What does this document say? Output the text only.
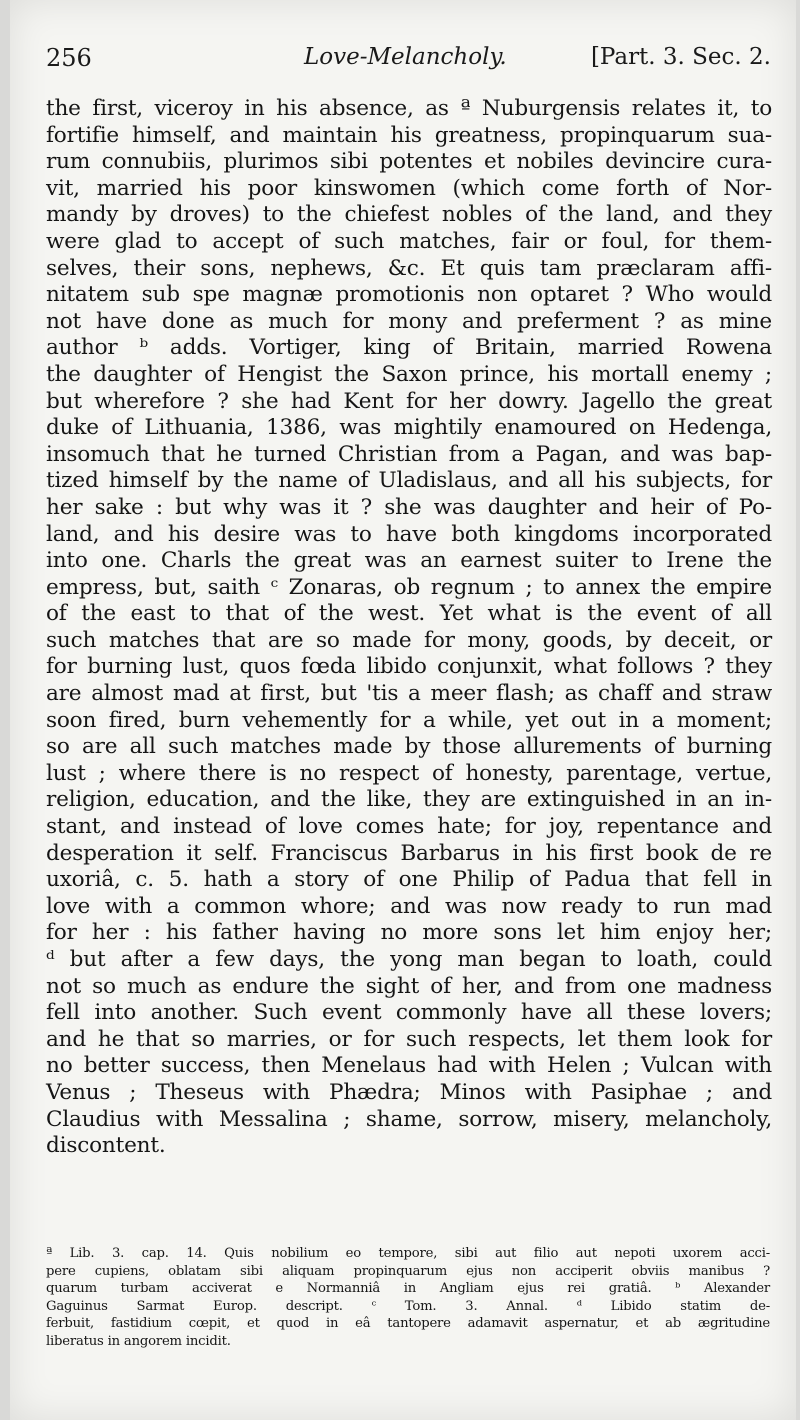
256	Love-Melancholy.	[Part. 3. Sec. 2.
the first, viceroy in his absence, as ª Nuburgensis relates it, to
fortifie himself, and maintain his greatness, propinquarum sua-
rum connubiis, plurimos sibi potentes et nobiles devincire cura-
vit, married his poor kinswomen (which come forth of Nor-
mandy by droves) to the chiefest nobles of the land, and they
were glad to accept of such matches, fair or foul, for them-
selves, their sons, nephews, &c. Et quis tam præclaram affi-
nitatem sub spe magnæ promotionis non optaret ? Who would
not have done as much for mony and preferment ? as mine
author ᵇ adds. Vortiger, king of Britain, married Rowena
the daughter of Hengist the Saxon prince, his mortall enemy ;
but wherefore ? she had Kent for her dowry. Jagello the great
duke of Lithuania, 1386, was mightily enamoured on Hedenga,
insomuch that he turned Christian from a Pagan, and was bap-
tized himself by the name of Uladislaus, and all his subjects, for
her sake : but why was it ? she was daughter and heir of Po-
land, and his desire was to have both kingdoms incorporated
into one. Charls the great was an earnest suiter to Irene the
empress, but, saith ᶜ Zonaras, ob regnum ; to annex the empire
of the east to that of the west. Yet what is the event of all
such matches that are so made for mony, goods, by deceit, or
for burning lust, quos fœda libido conjunxit, what follows ? they
are almost mad at first, but 'tis a meer flash; as chaff and straw
soon fired, burn vehemently for a while, yet out in a moment;
so are all such matches made by those allurements of burning
lust ; where there is no respect of honesty, parentage, vertue,
religion, education, and the like, they are extinguished in an in-
stant, and instead of love comes hate; for joy, repentance and
desperation it self. Franciscus Barbarus in his first book de re
uxoriâ, c. 5. hath a story of one Philip of Padua that fell in
love with a common whore; and was now ready to run mad
for her : his father having no more sons let him enjoy her;
ᵈ but after a few days, the yong man began to loath, could
not so much as endure the sight of her, and from one madness
fell into another. Such event commonly have all these lovers;
and he that so marries, or for such respects, let them look for
no better success, then Menelaus had with Helen ; Vulcan with
Venus ; Theseus with Phædra; Minos with Pasiphae ; and
Claudius with Messalina ; shame, sorrow, misery, melancholy,
discontent.
ª Lib. 3. cap. 14. Quis nobilium eo tempore, sibi aut filio aut nepoti uxorem acci-
pere cupiens, oblatam sibi aliquam propinquarum ejus non acciperit obviis manibus ?
quarum turbam acciverat e Normanniâ in Angliam ejus rei gratiâ. ᵇ Alexander
Gaguinus Sarmat Europ. descript. ᶜ Tom. 3. Annal. ᵈ Libido statim de-
ferbuit, fastidium cœpit, et quod in eâ tantopere adamavit aspernatur, et ab ægritudine
liberatus in angorem incidit.
